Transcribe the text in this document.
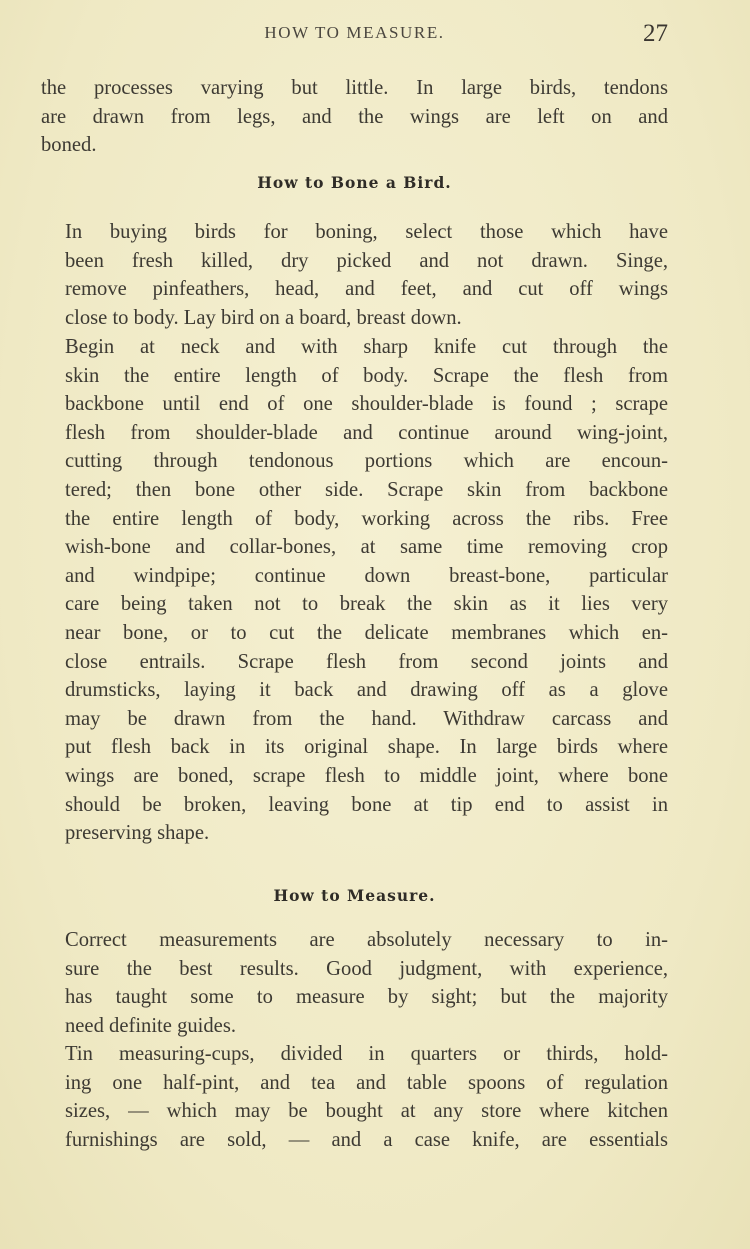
HOW TO MEASURE.	27

the processes varying but little. In large birds, tendons
are drawn from legs, and the wings are left on and
boned.

How to Bone a Bird.

In buying birds for boning, select those which have
been fresh killed, dry picked and not drawn. Singe,
remove pinfeathers, head, and feet, and cut off wings
close to body. Lay bird on a board, breast down.

Begin at neck and with sharp knife cut through the
skin the entire length of body. Scrape the flesh from
backbone until end of one shoulder-blade is found ; scrape
flesh from shoulder-blade and continue around wing-joint,
cutting through tendonous portions which are encoun-
tered; then bone other side. Scrape skin from backbone
the entire length of body, working across the ribs. Free
wish-bone and collar-bones, at same time removing crop
and windpipe; continue down breast-bone, particular
care being taken not to break the skin as it lies very
near bone, or to cut the delicate membranes which en-
close entrails. Scrape flesh from second joints and
drumsticks, laying it back and drawing off as a glove
may be drawn from the hand. Withdraw carcass and
put flesh back in its original shape. In large birds where
wings are boned, scrape flesh to middle joint, where bone
should be broken, leaving bone at tip end to assist in
preserving shape.

How to Measure.

Correct measurements are absolutely necessary to in-
sure the best results. Good judgment, with experience,
has taught some to measure by sight; but the majority
need definite guides.

Tin measuring-cups, divided in quarters or thirds, hold-
ing one half-pint, and tea and table spoons of regulation
sizes, — which may be bought at any store where kitchen
furnishings are sold, — and a case knife, are essentials
